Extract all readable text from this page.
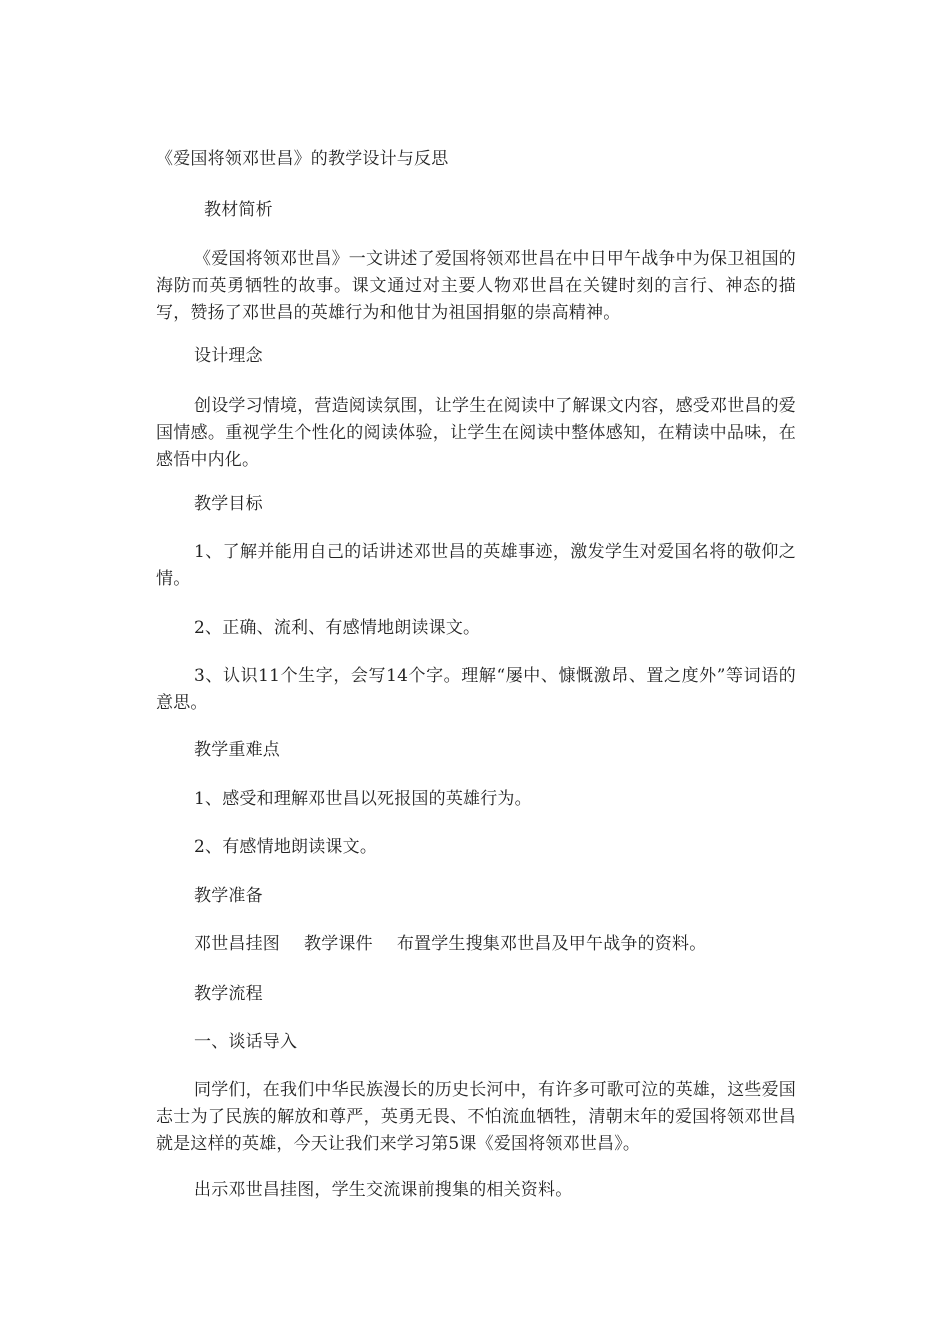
《爱国将领邓世昌》的教学设计与反思
教材简析
《爱国将领邓世昌》一文讲述了爱国将领邓世昌在中日甲午战争中为保卫祖国的海防而英勇牺牲的故事。课文通过对主要人物邓世昌在关键时刻的言行、神态的描写，赞扬了邓世昌的英雄行为和他甘为祖国捐躯的崇高精神。
设计理念
创设学习情境，营造阅读氛围，让学生在阅读中了解课文内容，感受邓世昌的爱国情感。重视学生个性化的阅读体验，让学生在阅读中整体感知，在精读中品味，在感悟中内化。
教学目标
1、了解并能用自己的话讲述邓世昌的英雄事迹，激发学生对爱国名将的敬仰之情。
2、正确、流利、有感情地朗读课文。
3、认识11个生字，会写14个字。理解“屡中、慷慨激昂、置之度外”等词语的意思。
教学重难点
1、感受和理解邓世昌以死报国的英雄行为。
2、有感情地朗读课文。
教学准备
邓世昌挂图 教学课件 布置学生搜集邓世昌及甲午战争的资料。
教学流程
一、谈话导入
同学们，在我们中华民族漫长的历史长河中，有许多可歌可泣的英雄，这些爱国志士为了民族的解放和尊严，英勇无畏、不怕流血牺牲，清朝末年的爱国将领邓世昌就是这样的英雄，今天让我们来学习第5课《爱国将领邓世昌》。
出示邓世昌挂图，学生交流课前搜集的相关资料。
